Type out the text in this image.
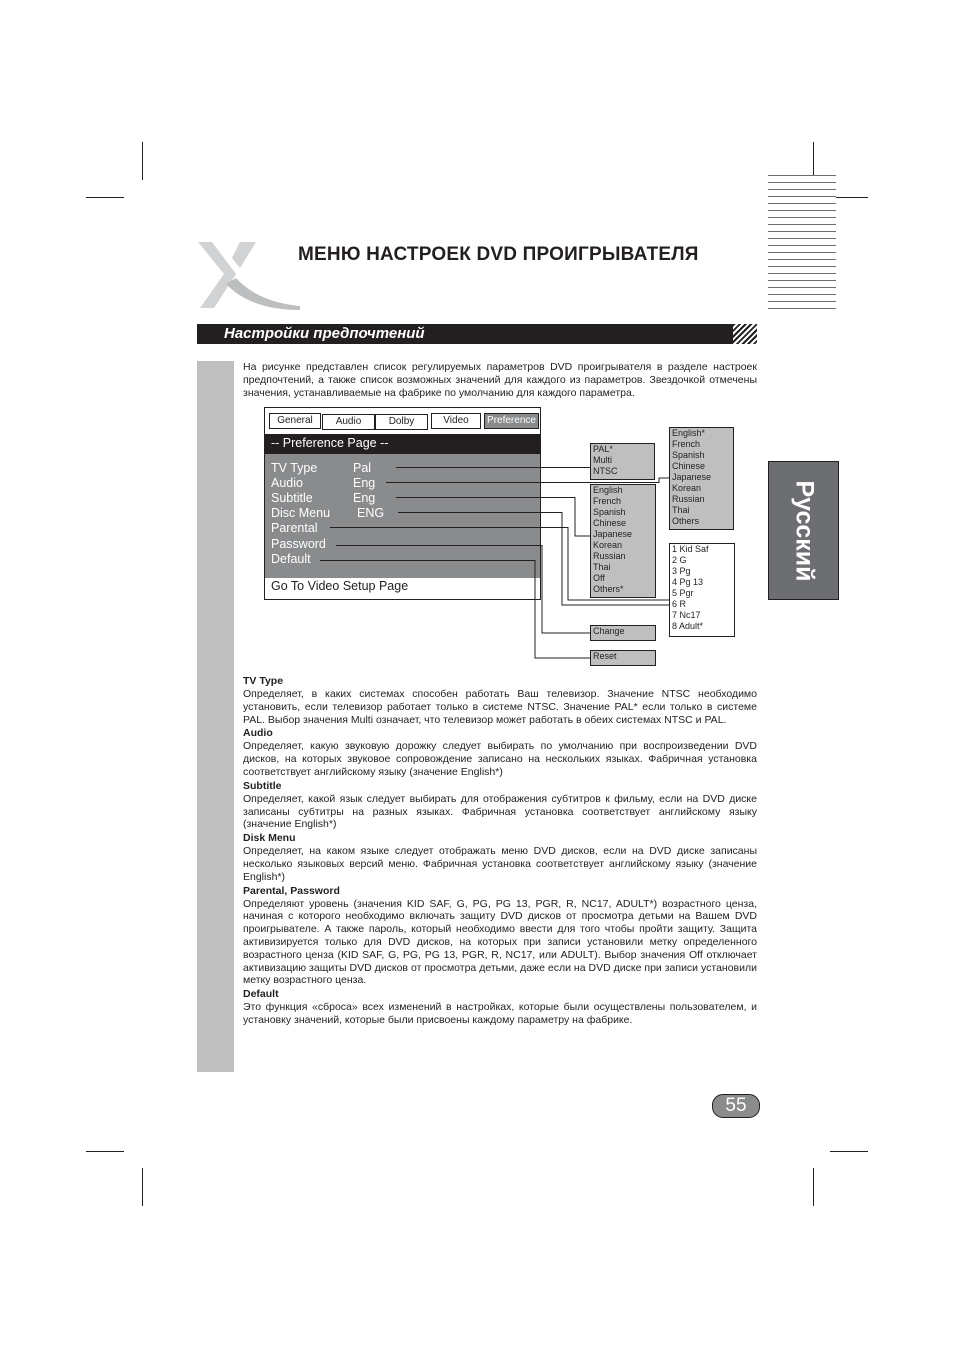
МЕНЮ НАСТРОЕК DVD ПРОИГРЫВАТЕЛЯ
Настройки предпочтений
На рисунке представлен список регулируемых параметров DVD проигрывателя в разделе настроек предпочтений, а также список возможных значений для каждого из параметров. Звездочкой отмечены значения, устанавливаемые на фабрике по умолчанию для каждого параметра.
Русский
General	Audio	Dolby	Video	Preference
-- Preference Page --
TV Type	Pal
Audio	Eng
Subtitle	Eng
Disc Menu ENG
Parental
Password
Default
Go To Video Setup Page
PAL*
Multi
NTSC
English*
French
Spanish
Chinese
Japanese
Korean
Russian
Thai
Others
English
French
Spanish
Chinese
Japanese
Korean
Russian
Thai
Off
Others*
1 Kid Saf
2 G
3 Pg
4 Pg 13
5 Pgr
6 R
7 Nc17
8 Adult*
Change
Reset
TV Type

Определяет, в каких системах способен работать Ваш телевизор. Значение NTSC необходимо установить, если телевизор работает только в системе NTSC. Значение PAL* если только в системе PAL. Выбор значения Multi означает, что телевизор может работать в обеих системах NTSC и PAL.

Audio

Определяет, какую звуковую дорожку следует выбирать по умолчанию при воспроизведении DVD дисков, на которых звуковое сопровождение записано на нескольких языках. Фабричная установка соответствует английскому языку (значение English*)

Subtitle

Определяет, какой язык следует выбирать для отображения субтитров к фильму, если на DVD диске записаны субтитры на разных языках. Фабричная установка соответствует английскому языку (значение English*)

Disk Menu

Определяет, на каком языке следует отображать меню DVD дисков, если на DVD диске записаны несколько языковых версий меню. Фабричная установка соответствует английскому языку (значение English*)

Parental, Password

Определяют уровень (значения KID SAF, G, PG, PG 13, PGR, R, NC17, ADULT*) возрастного ценза, начиная с которого необходимо включать защиту DVD дисков от просмотра детьми на Вашем DVD проигрывателе. А также пароль, который необходимо ввести для того чтобы пройти защиту. Защита активизируется только для DVD дисков, на которых при записи установили метку определенного возрастного ценза (KID SAF, G, PG, PG 13, PGR, R, NC17, или ADULT). Выбор значения Off отключает активизацию защиты DVD дисков от просмотра детьми, даже если на DVD диске при записи установили метку возрастного ценза.

Default

Это функция «сброса» всех изменений в настройках, которые были осуществлены пользователем, и установку значений, которые были присвоены каждому параметру на фабрике.

55
